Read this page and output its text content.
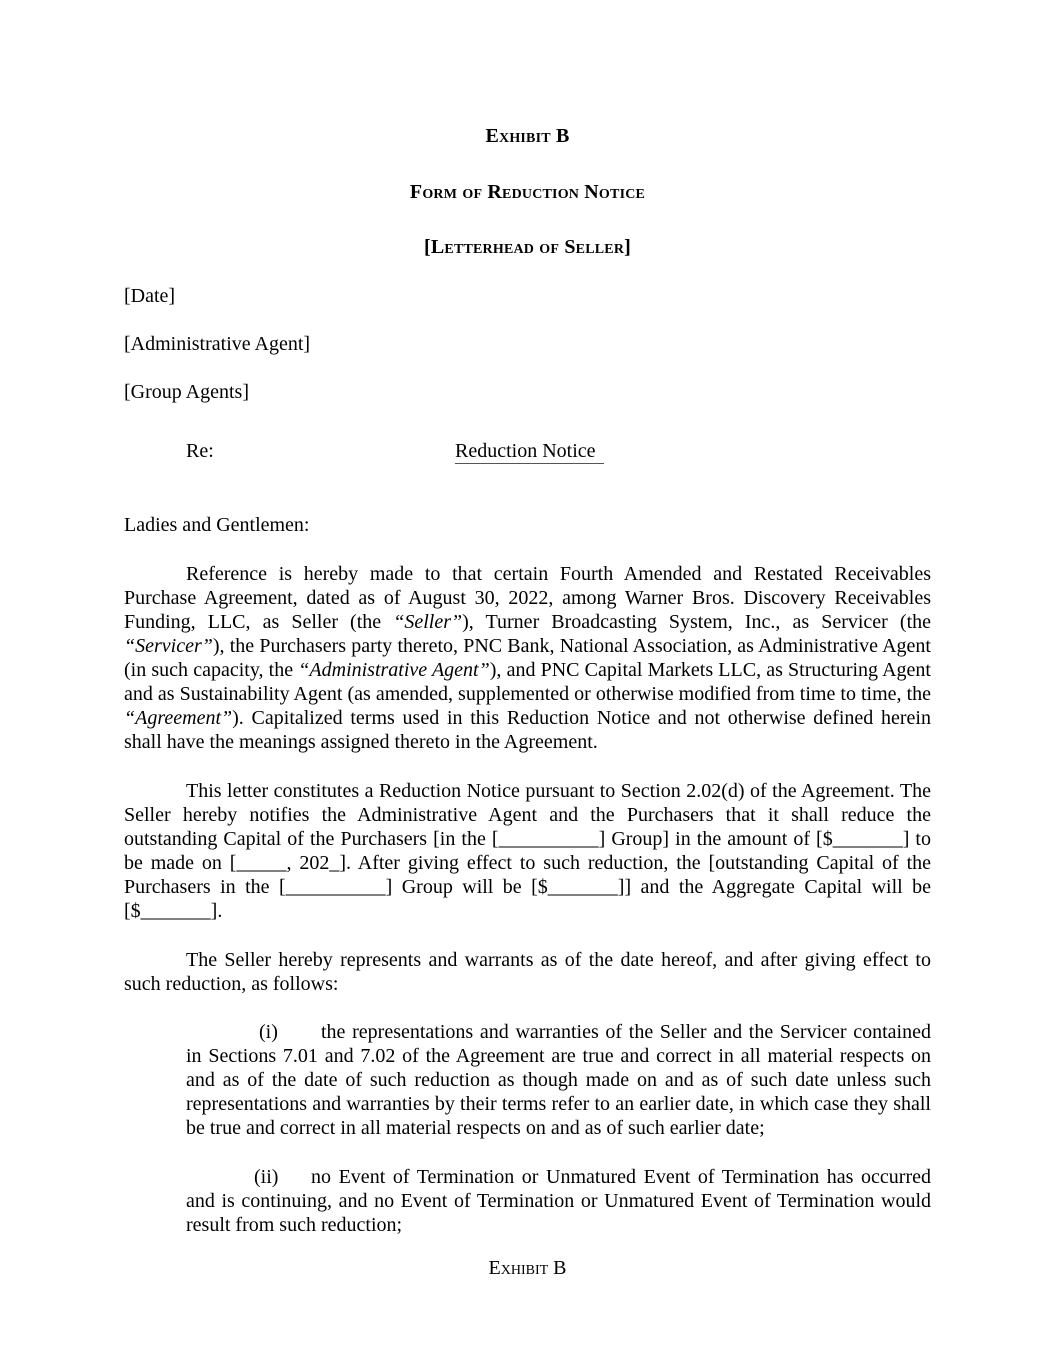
Exhibit B
Form of Reduction Notice
[Letterhead of Seller]
[Date]
[Administrative Agent]
[Group Agents]
Re:	Reduction Notice
Ladies and Gentlemen:
Reference is hereby made to that certain Fourth Amended and Restated Receivables Purchase Agreement, dated as of August 30, 2022, among Warner Bros. Discovery Receivables Funding, LLC, as Seller (the “Seller”), Turner Broadcasting System, Inc., as Servicer (the “Servicer”), the Purchasers party thereto, PNC Bank, National Association, as Administrative Agent (in such capacity, the “Administrative Agent”), and PNC Capital Markets LLC, as Structuring Agent and as Sustainability Agent (as amended, supplemented or otherwise modified from time to time, the “Agreement”). Capitalized terms used in this Reduction Notice and not otherwise defined herein shall have the meanings assigned thereto in the Agreement.
This letter constitutes a Reduction Notice pursuant to Section 2.02(d) of the Agreement. The Seller hereby notifies the Administrative Agent and the Purchasers that it shall reduce the outstanding Capital of the Purchasers [in the [__________] Group] in the amount of [$_______] to be made on [_____, 202_]. After giving effect to such reduction, the [outstanding Capital of the Purchasers in the [__________] Group will be [$_______]] and the Aggregate Capital will be [$_______].
The Seller hereby represents and warrants as of the date hereof, and after giving effect to such reduction, as follows:
(i) the representations and warranties of the Seller and the Servicer contained in Sections 7.01 and 7.02 of the Agreement are true and correct in all material respects on and as of the date of such reduction as though made on and as of such date unless such representations and warranties by their terms refer to an earlier date, in which case they shall be true and correct in all material respects on and as of such earlier date;
(ii) no Event of Termination or Unmatured Event of Termination has occurred and is continuing, and no Event of Termination or Unmatured Event of Termination would result from such reduction;
Exhibit B
